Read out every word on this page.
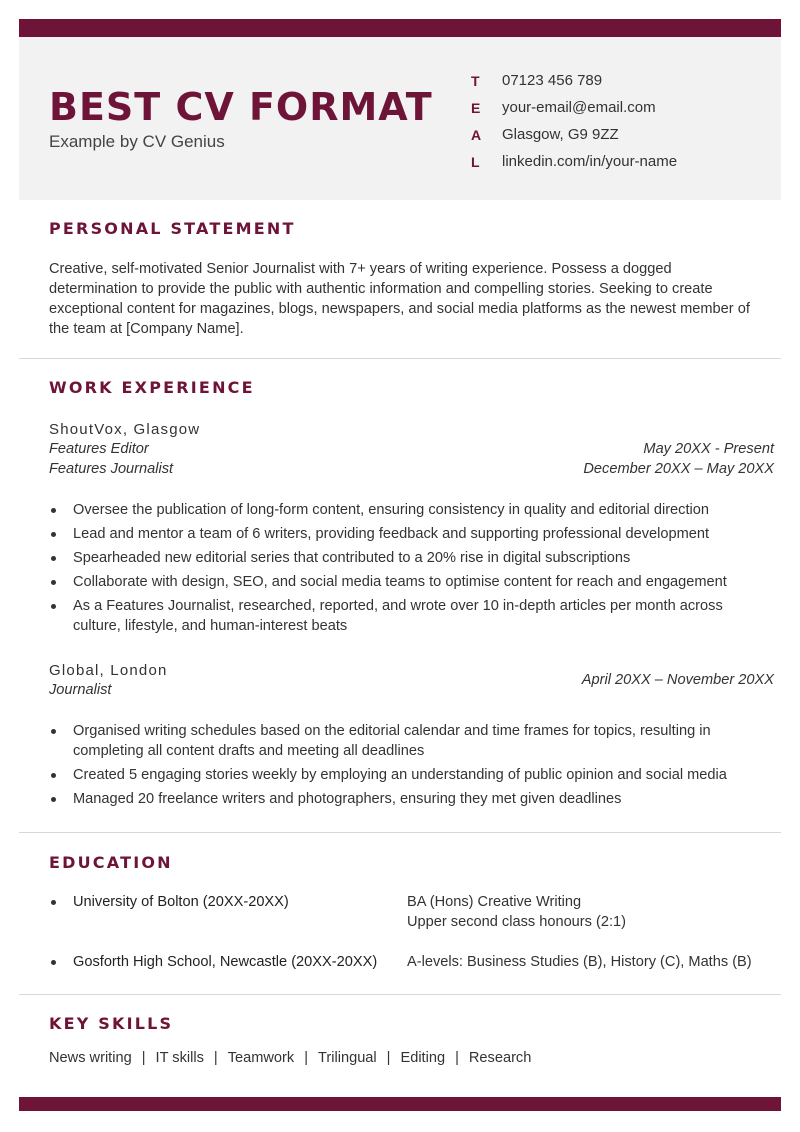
BEST CV FORMAT
Example by CV Genius
T	07123 456 789
E	your-email@email.com
A	Glasgow, G9 9ZZ
L	linkedin.com/in/your-name
PERSONAL STATEMENT

Creative, self-motivated Senior Journalist with 7+ years of writing experience. Possess a dogged determination to provide the public with authentic information and compelling stories. Seeking to create exceptional content for magazines, blogs, newspapers, and social media platforms as the newest member of the team at [Company Name].

WORK EXPERIENCE
ShoutVox, Glasgow
Features Editor	May 20XX - Present
Features Journalist	December 20XX – May 20XX
Oversee the publication of long-form content, ensuring consistency in quality and editorial direction
Lead and mentor a team of 6 writers, providing feedback and supporting professional development
Spearheaded new editorial series that contributed to a 20% rise in digital subscriptions
Collaborate with design, SEO, and social media teams to optimise content for reach and engagement
As a Features Journalist, researched, reported, and wrote over 10 in-depth articles per month across culture, lifestyle, and human-interest beats
Global, London
Journalist
April 20XX – November 20XX
Organised writing schedules based on the editorial calendar and time frames for topics, resulting in completing all content drafts and meeting all deadlines
Created 5 engaging stories weekly by employing an understanding of public opinion and social media
Managed 20 freelance writers and photographers, ensuring they met given deadlines
EDUCATION
University of Bolton (20XX-20XX)	BA (Hons) Creative Writing
Upper second class honours (2:1)
Gosforth High School, Newcastle (20XX-20XX) A-levels: Business Studies (B), History (C), Maths (B)
KEY SKILLS
News writing | IT skills | Teamwork | Trilingual | Editing | Research
